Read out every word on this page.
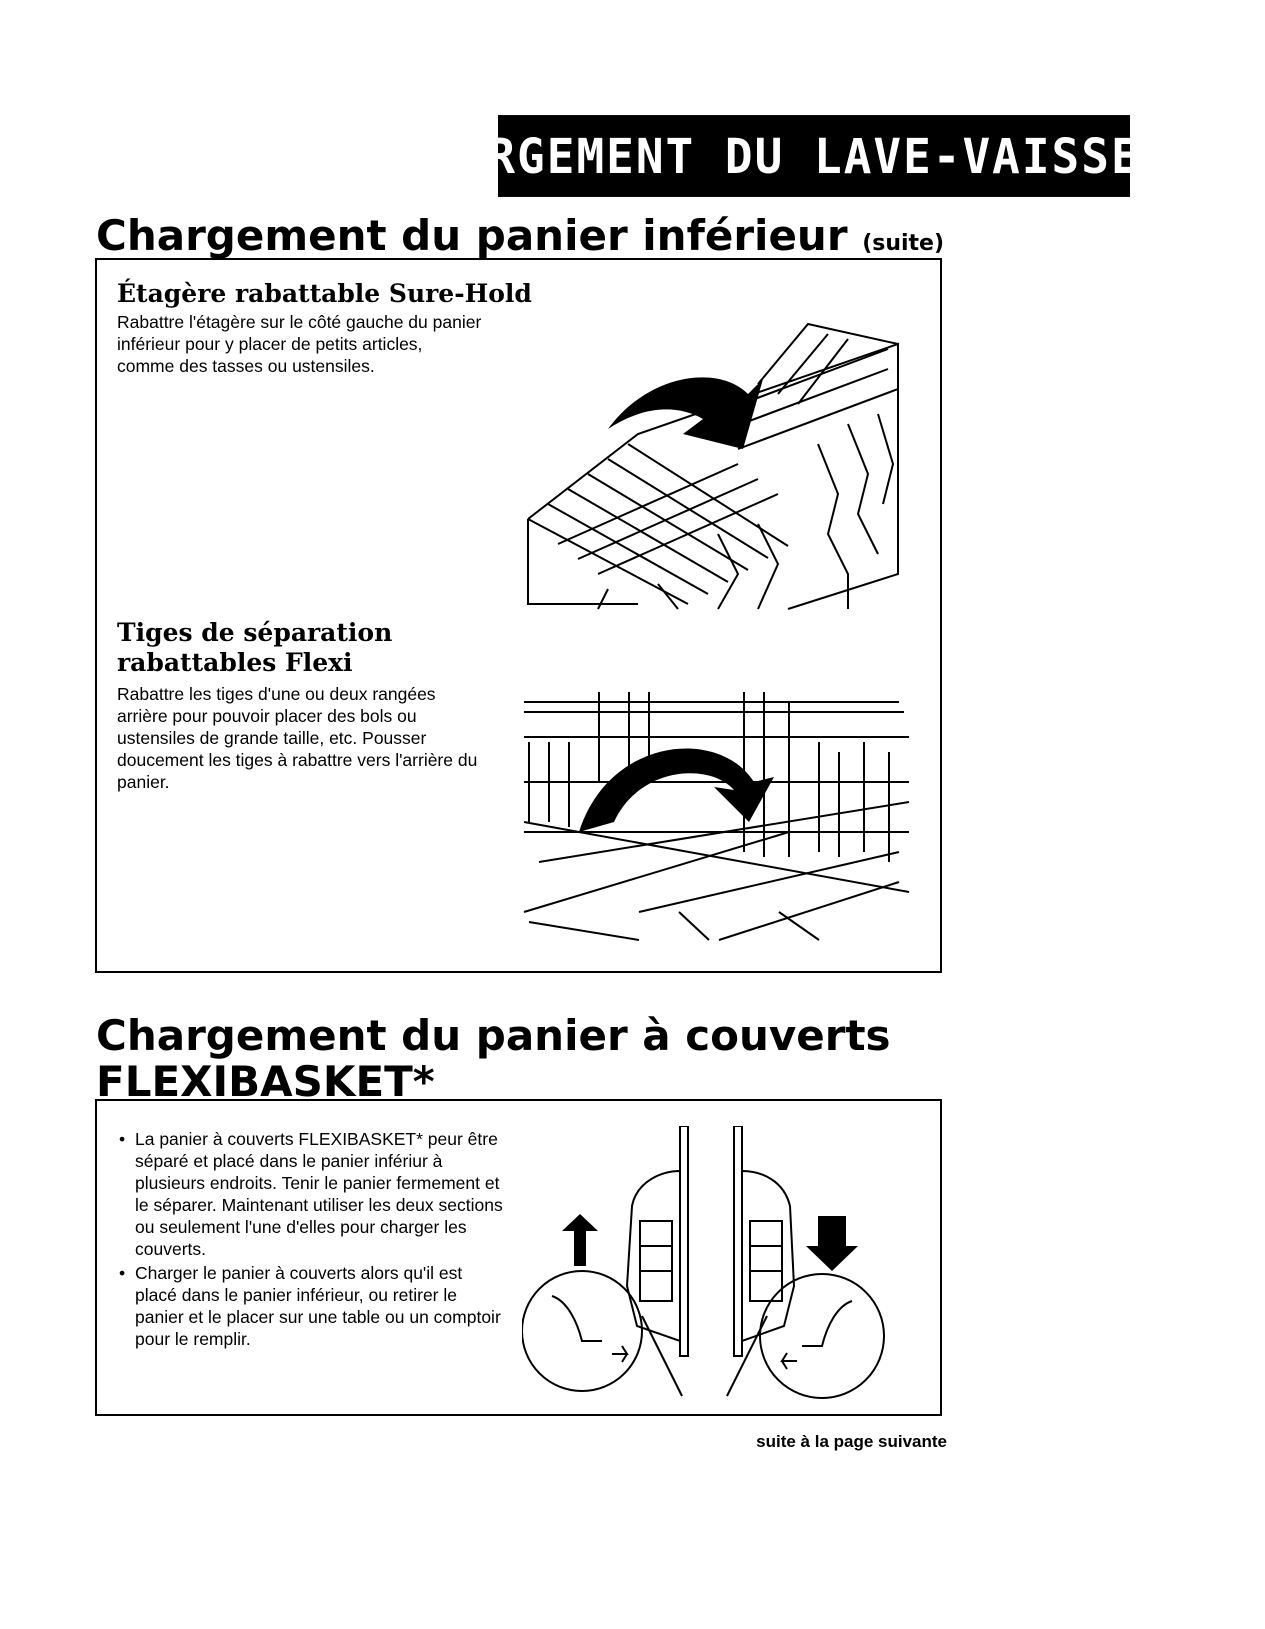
CHARGEMENT DU LAVE-VAISSELLE
Chargement du panier inférieur (suite)
Étagère rabattable Sure-Hold

Rabattre l'étagère sur le côté gauche du panier inférieur pour y placer de petits articles, comme des tasses ou ustensiles.

Tiges de séparation
rabattables Flexi

Rabattre les tiges d'une ou deux rangées arrière pour pouvoir placer des bols ou ustensiles de grande taille, etc. Pousser doucement les tiges à rabattre vers l'arrière du panier.

Chargement du panier à couverts
FLEXIBASKET*
• La panier à couverts FLEXIBASKET* peur être séparé et placé dans le panier infériur à plusieurs endroits. Tenir le panier fermement et le séparer. Maintenant utiliser les deux sections ou seulement l'une d'elles pour charger les couverts.
• Charger le panier à couverts alors qu'il est placé dans le panier inférieur, ou retirer le panier et le placer sur une table ou un comptoir pour le remplir.
suite à la page suivante
